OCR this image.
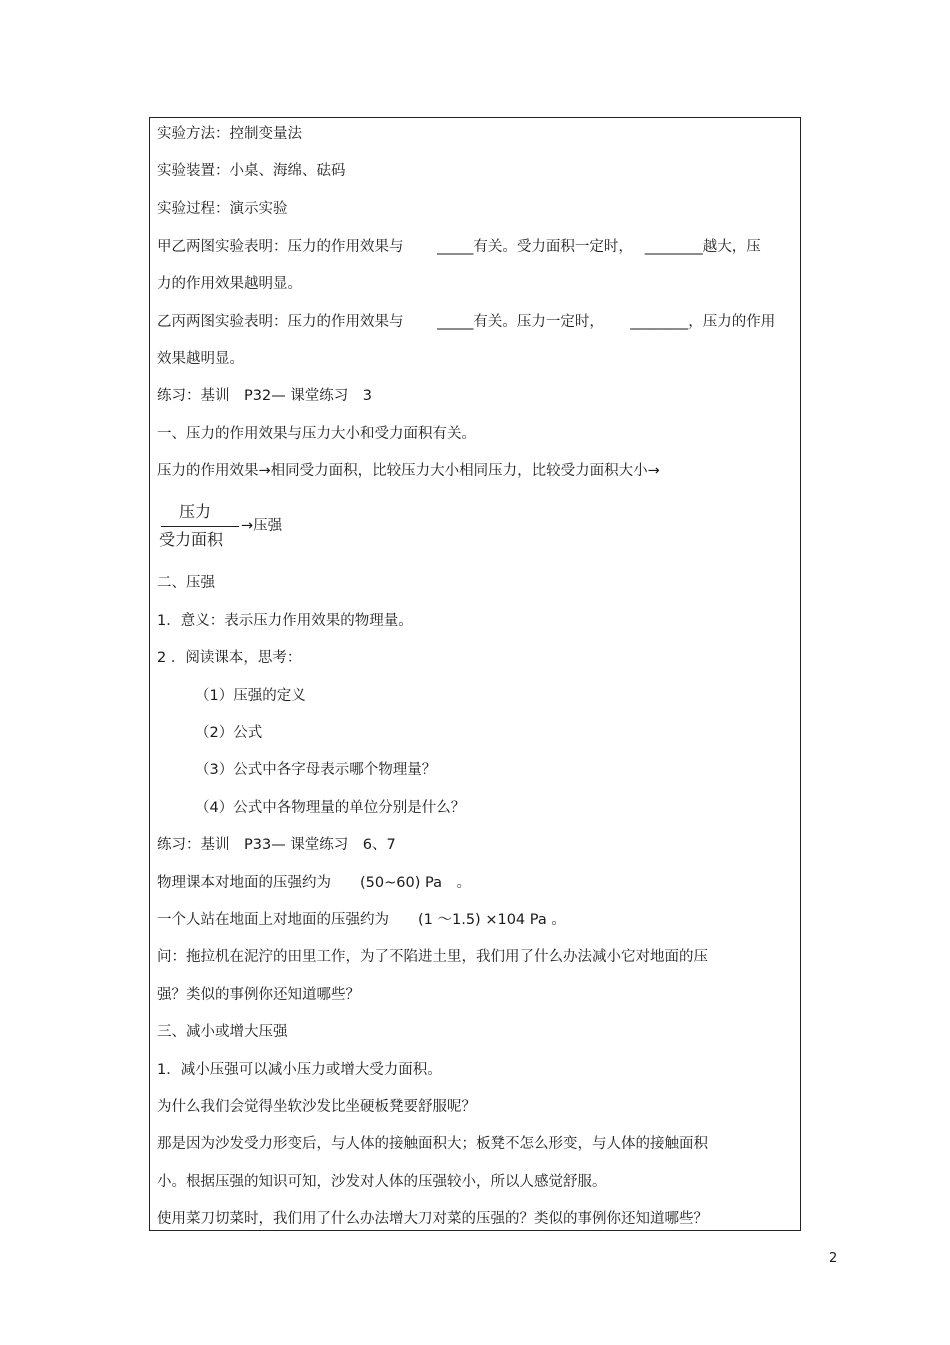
实验方法：控制变量法
实验装置：小桌、海绵、砝码
实验过程：演示实验
甲乙两图实验表明：压力的作用效果与　　 _____有关。受力面积一定时，　 ________越大，压
力的作用效果越明显。
乙丙两图实验表明：压力的作用效果与　　 _____有关。压力一定时，　　 ________，压力的作用
效果越明显。
练习：基训　P32— 课堂练习　3
一、压力的作用效果与压力大小和受力面积有关。
压力的作用效果→相同受力面积，比较压力大小相同压力，比较受力面积大小→
压力
受力面积
→压强
二、压强
1．意义：表示压力作用效果的物理量。
2 ．阅读课本，思考：
（1）压强的定义
（2）公式
（3）公式中各字母表示哪个物理量？
（4）公式中各物理量的单位分别是什么？
练习：基训　P33— 课堂练习　6、7
物理课本对地面的压强约为　　(50~60) Pa　。
一个人站在地面上对地面的压强约为　　(1 ～1.5) ×104 Pa 。
问：拖拉机在泥泞的田里工作，为了不陷进土里，我们用了什么办法减小它对地面的压
强？类似的事例你还知道哪些？
三、减小或增大压强
1．减小压强可以减小压力或增大受力面积。
为什么我们会觉得坐软沙发比坐硬板凳要舒服呢？
那是因为沙发受力形变后，与人体的接触面积大；板凳不怎么形变，与人体的接触面积
小。根据压强的知识可知，沙发对人体的压强较小，所以人感觉舒服。
使用菜刀切菜时，我们用了什么办法增大刀对菜的压强的？类似的事例你还知道哪些？
2
